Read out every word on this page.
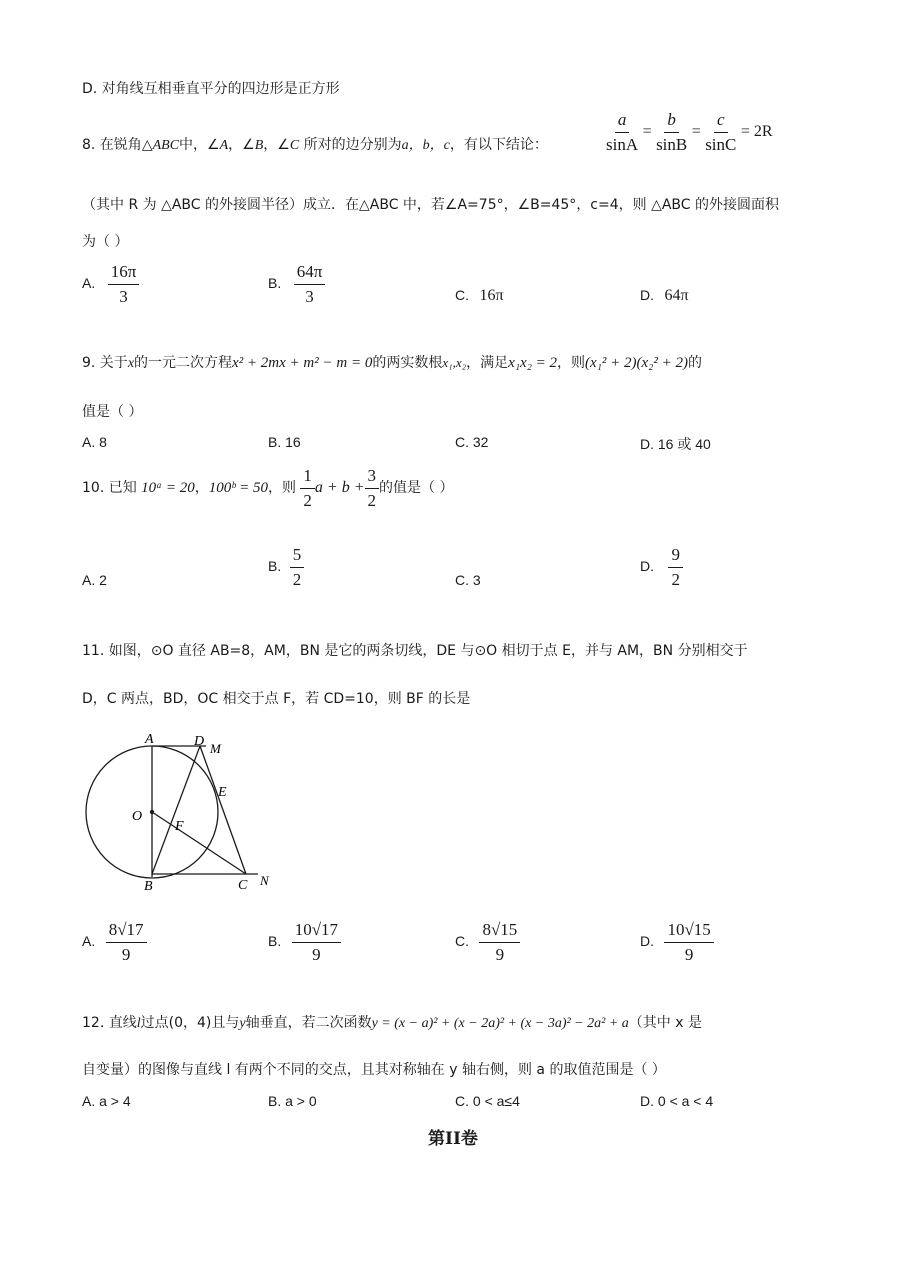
D. 对角线互相垂直平分的四边形是正方形
8. 在锐角△ABC中，∠A，∠B，∠C 所对的边分别为a，b，c，有以下结论：	$\frac{a}{\sin A} = \frac{b}{\sin B} = \frac{c}{\sin C} = 2R$
（其中 R 为 △ABC 的外接圆半径）成立．在△ABC 中，若∠A=75°，∠B=45°，c=4，则 △ABC 的外接圆面积
为（ ）
A. $\frac{16\pi}{3}$	B. $\frac{64\pi}{3}$	C. 16π	D. 64π
9. 关于x的一元二次方程x² + 2mx + m² − m = 0的两实数根x₁,x₂，满足x₁x₂ = 2，则(x₁² + 2)(x₂² + 2)的
值是（ ）
A. 8	B. 16	C. 32	D. 16 或 40
10. 已知 10ᵃ = 20，100ᵇ = 50，则 $\frac{1}{2}$ $a + b + \frac{3}{2}$ 的值是（ ）
A. 2
B. $\frac{5}{2}$	C. 3
D. $\frac{9}{2}$
11. 如图，⊙O 直径 AB=8，AM，BN 是它的两条切线，DE 与⊙O 相切于点 E，并与 AM，BN 分别相交于
D，C 两点，BD，OC 相交于点 F，若 CD=10，则 BF 的长是
A	D M
E
O
F
B	C N
A. $\frac{8√17}{9}$	B. $\frac{10√17}{9}$	C. $\frac{8√15}{9}$	D. $\frac{10√15}{9}$
12. 直线l过点(0，4)且与y轴垂直，若二次函数y = (x − a)² + (x − 2a)² + (x − 3a)² − 2a² + a（其中 x 是
自变量）的图像与直线 l 有两个不同的交点，且其对称轴在 y 轴右侧，则 a 的取值范围是（ ）
A. a > 4	B. a > 0	C. 0 < a≤4	D. 0 < a < 4
第II卷
